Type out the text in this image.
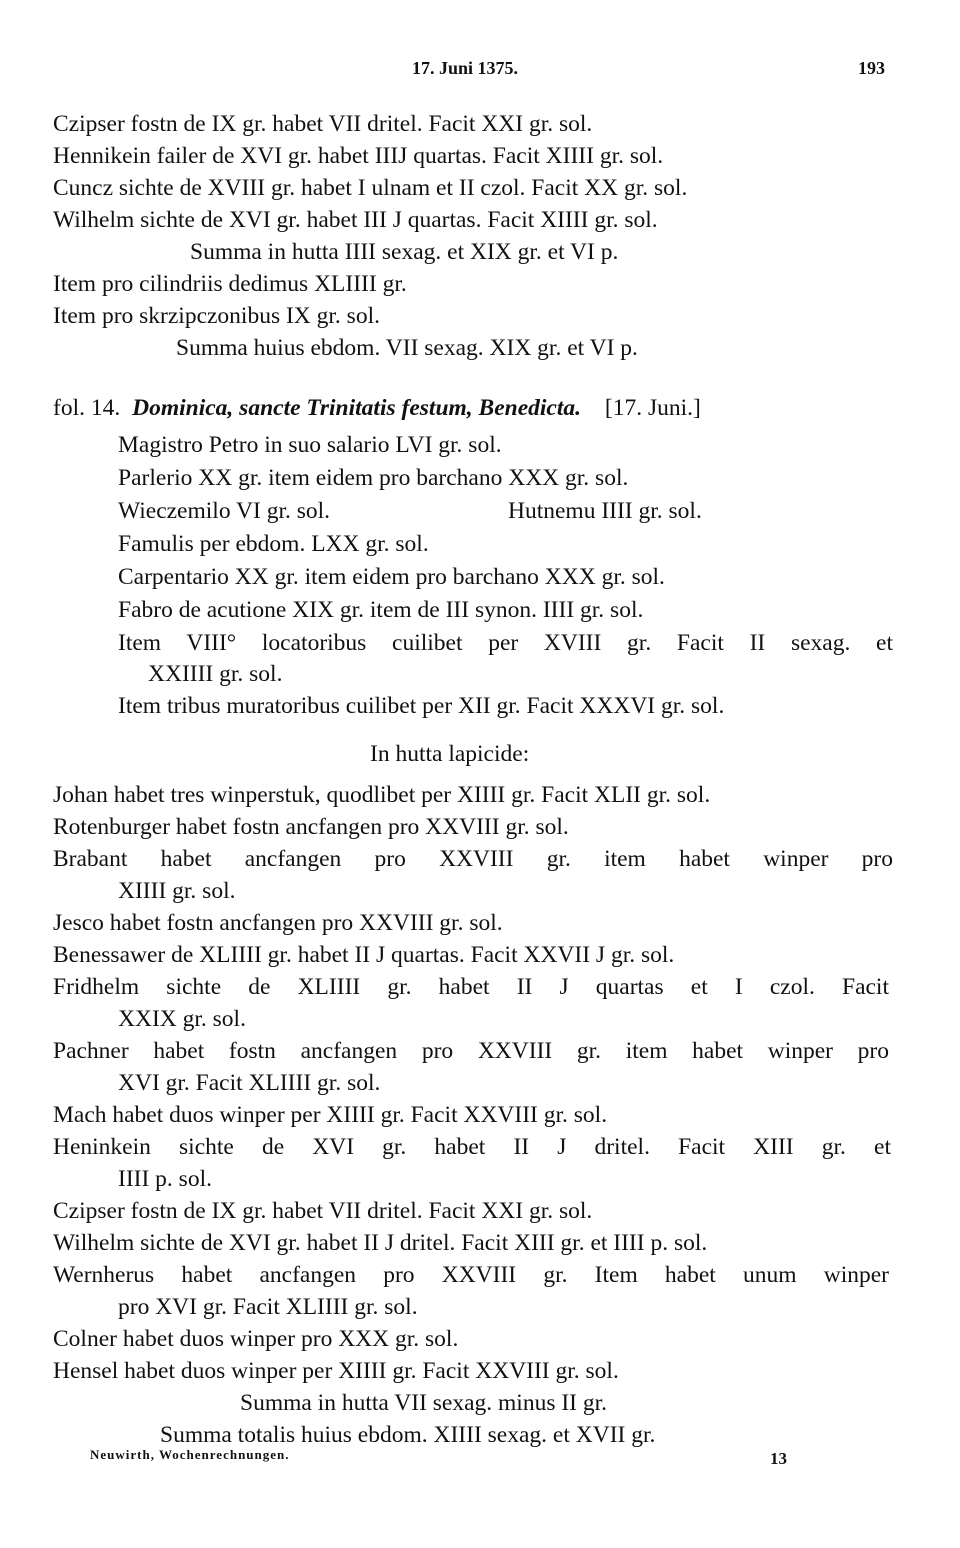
17. Juni 1375.	193
Czipser fostn de IX gr. habet VII dritel. Facit XXI gr. sol.
Hennikein failer de XVI gr. habet IIIJ quartas. Facit XIIII gr. sol.
Cuncz sichte de XVIII gr. habet I ulnam et II czol. Facit XX gr. sol.
Wilhelm sichte de XVI gr. habet III J quartas. Facit XIIII gr. sol.
Summa in hutta IIII sexag. et XIX gr. et VI p.
Item pro cilindriis dedimus XLIIII gr.
Item pro skrzipczonibus IX gr. sol.
Summa huius ebdom. VII sexag. XIX gr. et VI p.
fol. 14. Dominica, sancte Trinitatis festum, Benedicta. [17. Juni.]
Magistro Petro in suo salario LVI gr. sol.
Parlerio XX gr. item eidem pro barchano XXX gr. sol.
Wieczemilo VI gr. sol.	Hutnemu IIII gr. sol.
Famulis per ebdom. LXX gr. sol.
Carpentario XX gr. item eidem pro barchano XXX gr. sol.
Fabro de acutione XIX gr. item de III synon. IIII gr. sol.
Item VIII° locatoribus cuilibet per XVIII gr. Facit II sexag. et
XXIIII gr. sol.
Item tribus muratoribus cuilibet per XII gr. Facit XXXVI gr. sol.
In hutta lapicide:
Johan habet tres winperstuk, quodlibet per XIIII gr. Facit XLII gr. sol.
Rotenburger habet fostn ancfangen pro XXVIII gr. sol.
Brabant habet ancfangen pro XXVIII gr. item habet winper pro
XIIII gr. sol.
Jesco habet fostn ancfangen pro XXVIII gr. sol.
Benessawer de XLIIII gr. habet II J quartas. Facit XXVII J gr. sol.
Fridhelm sichte de XLIIII gr. habet II J quartas et I czol. Facit
XXIX gr. sol.
Pachner habet fostn ancfangen pro XXVIII gr. item habet winper pro
XVI gr. Facit XLIIII gr. sol.
Mach habet duos winper per XIIII gr. Facit XXVIII gr. sol.
Heninkein sichte de XVI gr. habet II J dritel. Facit XIII gr. et
IIII p. sol.
Czipser fostn de IX gr. habet VII dritel. Facit XXI gr. sol.
Wilhelm sichte de XVI gr. habet II J dritel. Facit XIII gr. et IIII p. sol.
Wernherus habet ancfangen pro XXVIII gr. Item habet unum winper
pro XVI gr. Facit XLIIII gr. sol.
Colner habet duos winper pro XXX gr. sol.
Hensel habet duos winper per XIIII gr. Facit XXVIII gr. sol.
Summa in hutta VII sexag. minus II gr.
Summa totalis huius ebdom. XIIII sexag. et XVII gr.
Neuwirth, Wochenrechnungen.	13
